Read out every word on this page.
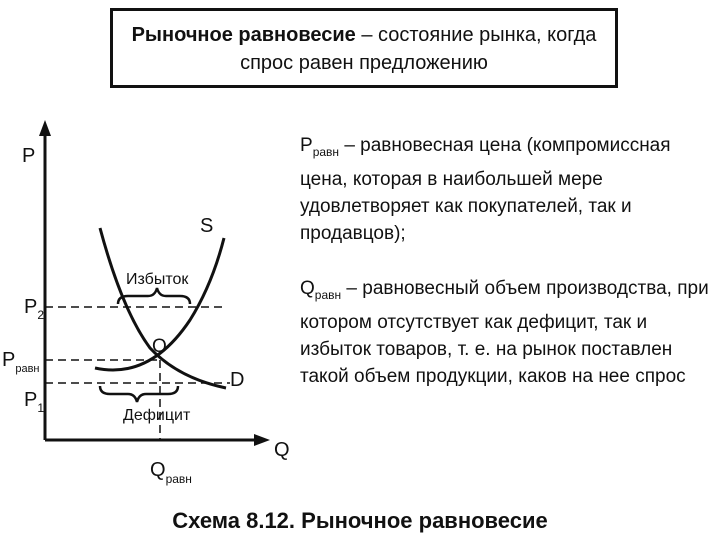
Рыночное равновесие – состояние рынка, когда спрос равен предложению
P
Q
S
D
O
Избыток
Дефицит
$P_2$
$P_{равн}$
$P_1$
$Q_{равн}$

$P_{равн}$ – равновесная цена (компромиссная цена, которая в наибольшей мере удовлетворяет как покупателей, так и продавцов);

$Q_{равн}$ – равновесный объем производства, при котором отсутствует как дефицит, так и избыток товаров, т. е. на рынок поставлен такой объем продукции, каков на нее спрос

Схема 8.12. Рыночное равновесие
